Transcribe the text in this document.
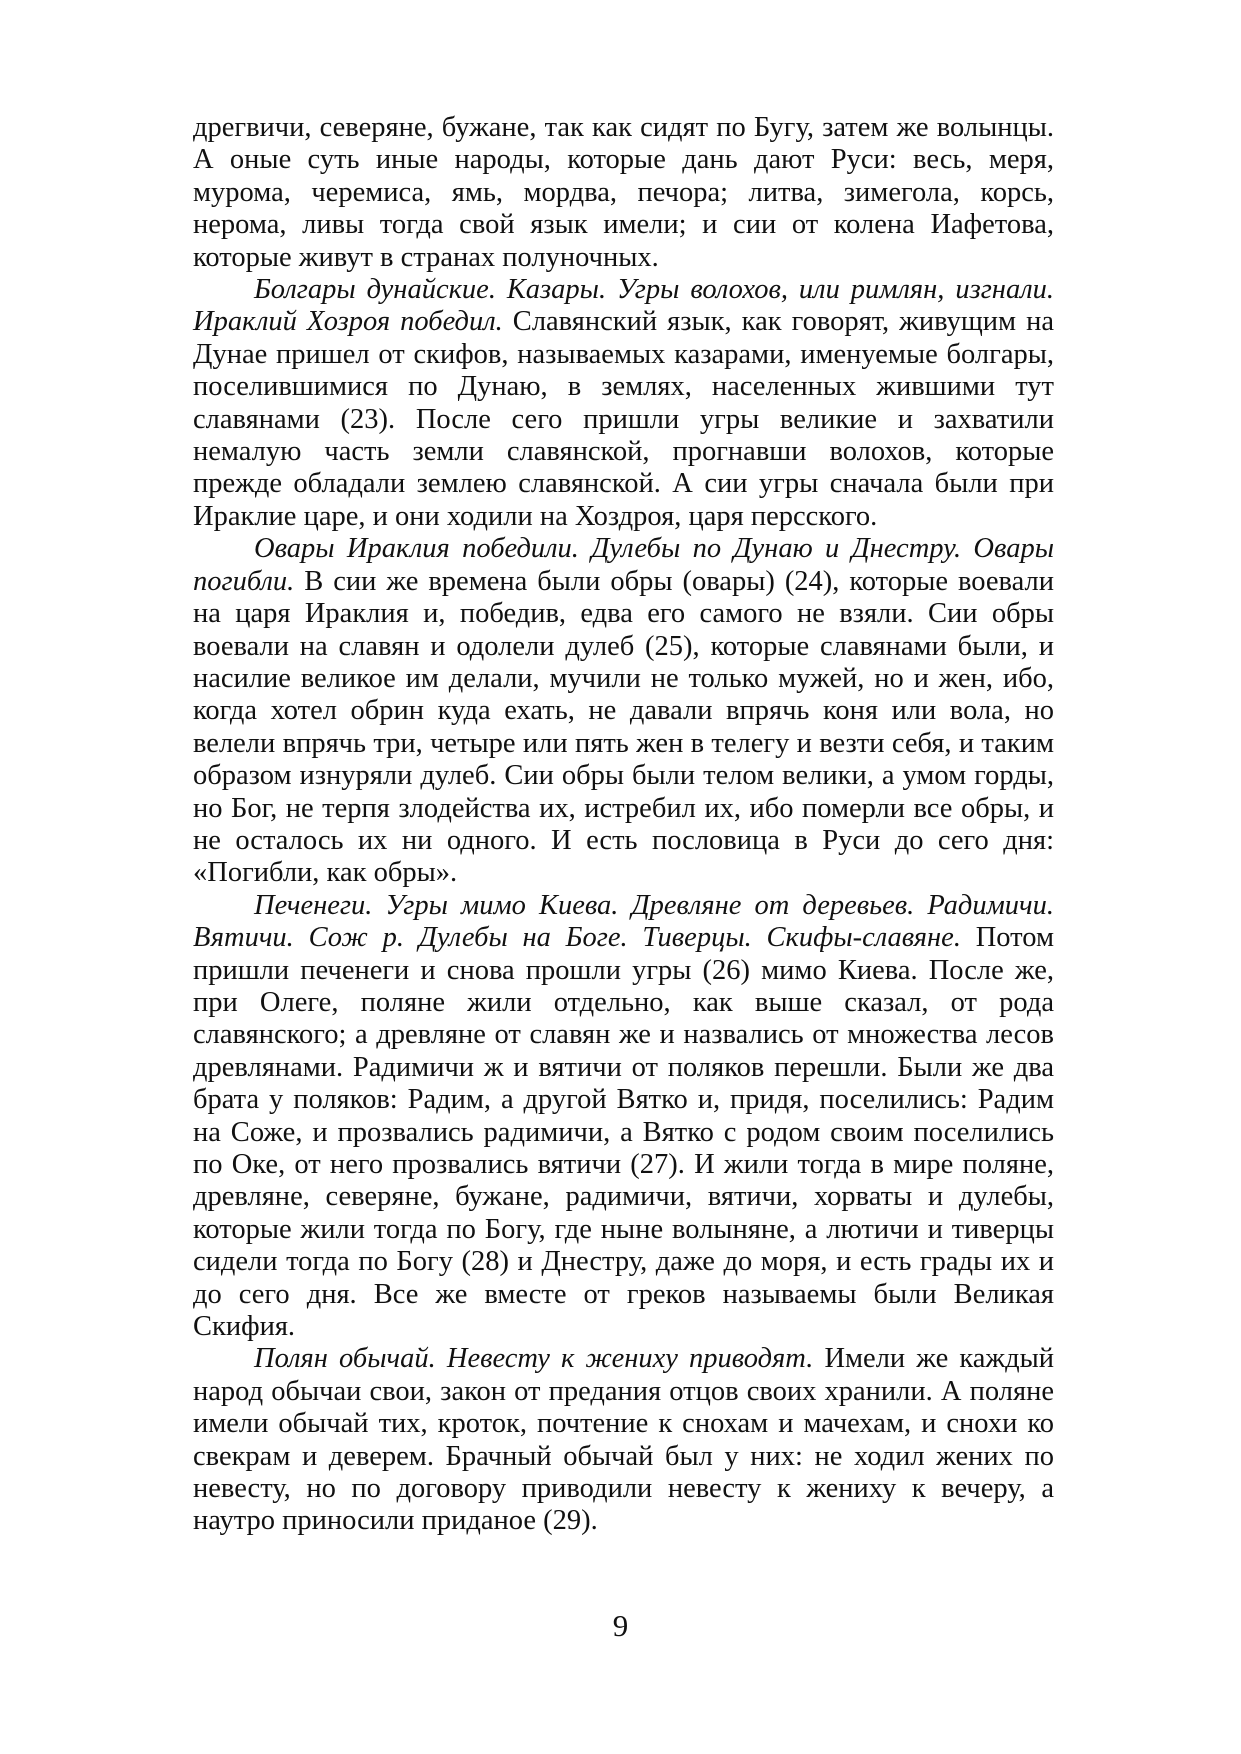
дрегвичи, северяне, бужане, так как сидят по Бугу, затем же волынцы. А оные суть иные народы, которые дань дают Руси: весь, меря, мурома, черемиса, ямь, мордва, печора; литва, зимегола, корсь, нерома, ливы тогда свой язык имели; и сии от колена Иафетова, которые живут в странах полуночных.

Болгары дунайские. Казары. Угры волохов, или римлян, изгнали. Ираклий Хозроя победил. Славянский язык, как говорят, живущим на Дунае пришел от скифов, называемых казарами, именуемые болгары, поселившимися по Дунаю, в землях, населенных жившими тут славянами (23). После сего пришли угры великие и захватили немалую часть земли славянской, прогнавши волохов, которые прежде обладали землею славянской. А сии угры сначала были при Ираклие царе, и они ходили на Хоздроя, царя персского.

Овары Ираклия победили. Дулебы по Дунаю и Днестру. Овары погибли. В сии же времена были обры (овары) (24), которые воевали на царя Ираклия и, победив, едва его самого не взяли. Сии обры воевали на славян и одолели дулеб (25), которые славянами были, и насилие великое им делали, мучили не только мужей, но и жен, ибо, когда хотел обрин куда ехать, не давали впрячь коня или вола, но велели впрячь три, четыре или пять жен в телегу и везти себя, и таким образом изнуряли дулеб. Сии обры были телом велики, а умом горды, но Бог, не терпя злодейства их, истребил их, ибо померли все обры, и не осталось их ни одного. И есть пословица в Руси до сего дня: «Погибли, как обры».

Печенеги. Угры мимо Киева. Древляне от деревьев. Радимичи. Вятичи. Сож р. Дулебы на Боге. Тиверцы. Скифы-славяне. Потом пришли печенеги и снова прошли угры (26) мимо Киева. После же, при Олеге, поляне жили отдельно, как выше сказал, от рода славянского; а древляне от славян же и назвались от множества лесов древлянами. Радимичи ж и вятичи от поляков перешли. Были же два брата у поляков: Радим, а другой Вятко и, придя, поселились: Радим на Соже, и прозвались радимичи, а Вятко с родом своим поселились по Оке, от него прозвались вятичи (27). И жили тогда в мире поляне, древляне, северяне, бужане, радимичи, вятичи, хорваты и дулебы, которые жили тогда по Богу, где ныне волыняне, а лютичи и тиверцы сидели тогда по Богу (28) и Днестру, даже до моря, и есть грады их и до сего дня. Все же вместе от греков называемы были Великая Скифия.

Полян обычай. Невесту к жениху приводят. Имели же каждый народ обычаи свои, закон от предания отцов своих хранили. А поляне имели обычай тих, кроток, почтение к снохам и мачехам, и снохи ко свекрам и деверем. Брачный обычай был у них: не ходил жених по невесту, но по договору приводили невесту к жениху к вечеру, а наутро приносили приданое (29).

9
